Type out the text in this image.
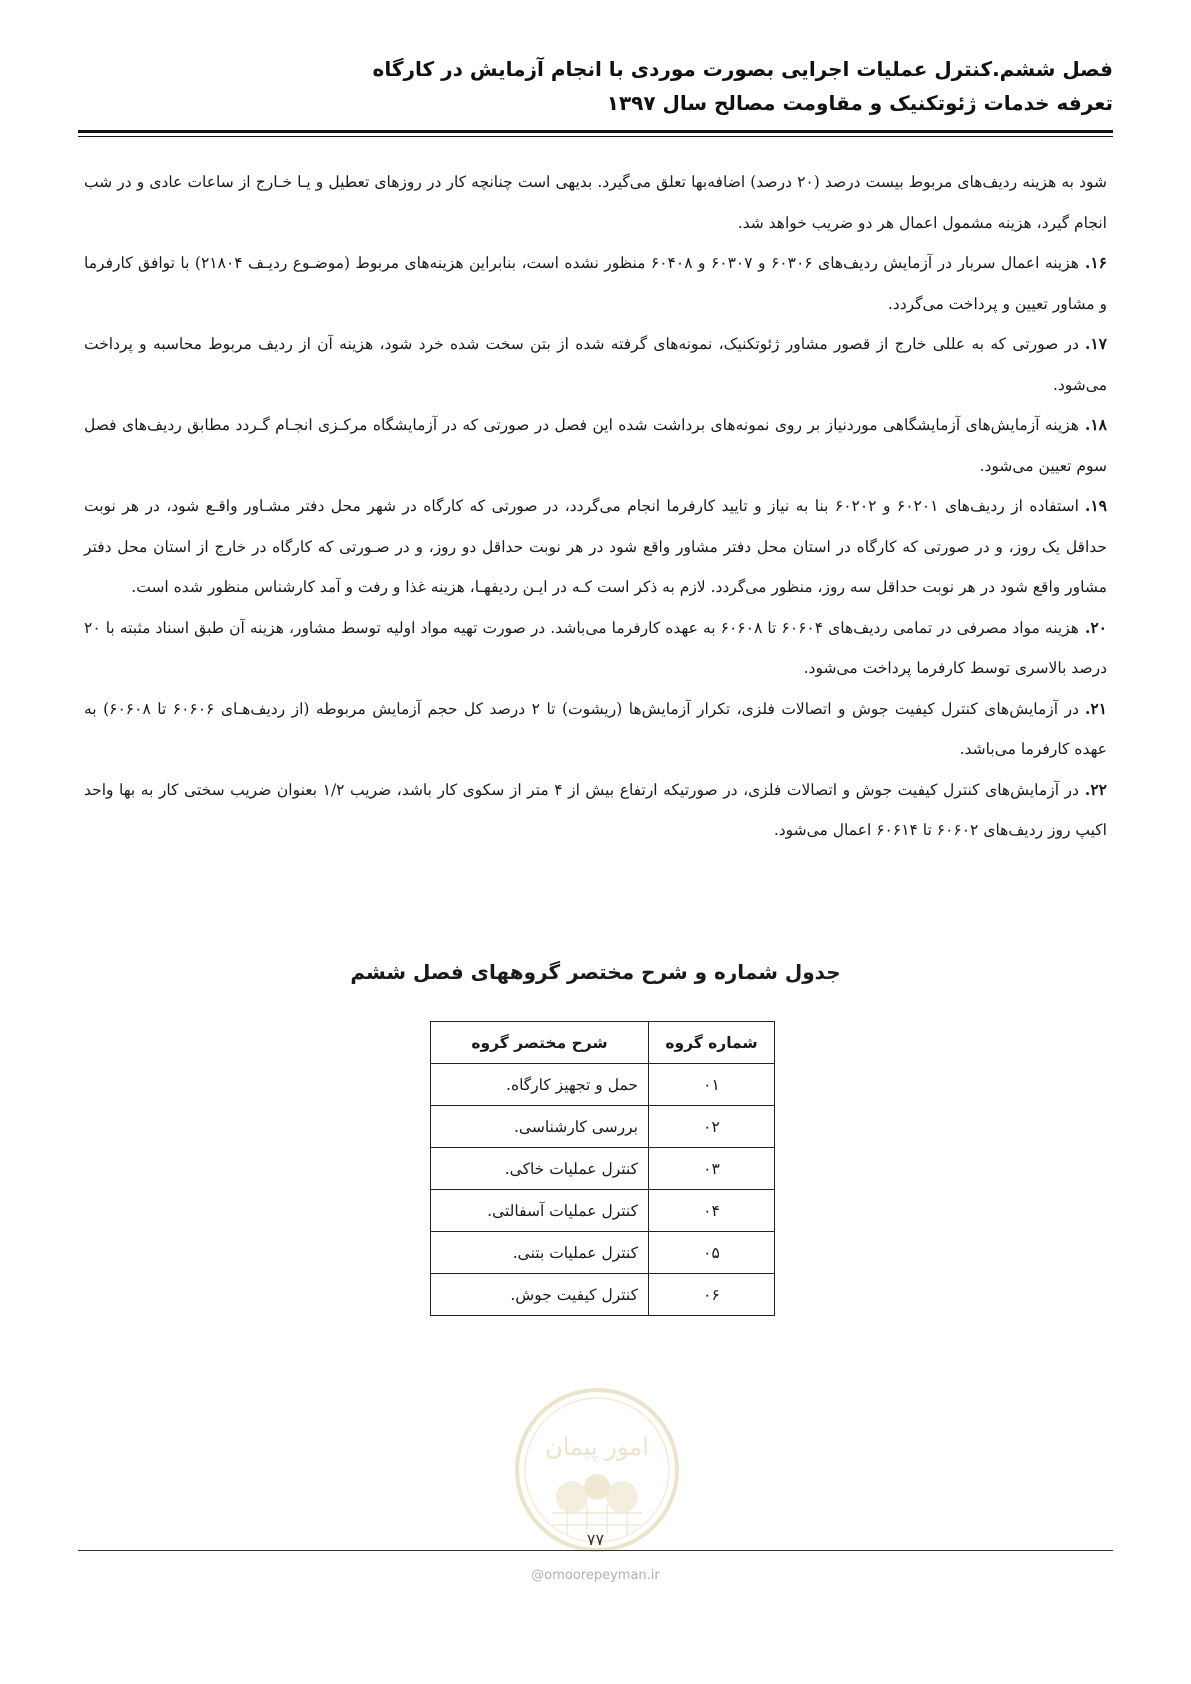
فصل ششم.کنترل عملیات اجرایی بصورت موردی با انجام آزمایش در کارگاه
تعرفه خدمات ژئوتکنیک و مقاومت مصالح سال ۱۳۹۷

شود به هزینه ردیف‌های مربوط بیست درصد (۲۰ درصد) اضافه‌بها تعلق می‌گیرد. بدیهی است چنانچه کار در روزهای تعطیل و یـا خـارج از ساعات عادی و در شب انجام گیرد، هزینه مشمول اعمال هر دو ضریب خواهد شد.

۱۶.هزینه اعمال سربار در آزمایش ردیف‌های ۶۰۳۰۶ و ۶۰۳۰۷ و ۶۰۴۰۸ منظور نشده است، بنابراین هزینه‌های مربوط (موضـوع ردیـف ۲۱۸۰۴) با توافق کارفرما و مشاور تعیین و پرداخت می‌گردد.

۱۷.در صورتی که به عللی خارج از قصور مشاور ژئوتکنیک، نمونه‌های گرفته شده از بتن سخت شده خرد شود، هزینه آن از ردیف مربوط محاسبه و پرداخت می‌شود.

۱۸.هزینه آزمایش‌های آزمایشگاهی موردنیاز بر روی نمونه‌های برداشت شده این فصل در صورتی که در آزمایشگاه مرکـزی انجـام گـردد مطابق ردیف‌های فصل سوم تعیین می‌شود.

۱۹.استفاده از ردیف‌های ۶۰۲۰۱ و ۶۰۲۰۲ بنا به نیاز و تایید کارفرما انجام می‌گردد، در صورتی که کارگاه در شهر محل دفتر مشـاور واقـع شود، در هر نوبت حداقل یک روز، و در صورتی که کارگاه در استان محل دفتر مشاور واقع شود در هر نوبت حداقل دو روز، و در صـورتی که کارگاه در خارج از استان محل دفتر مشاور واقع شود در هر نوبت حداقل سه روز، منظور می‌گردد. لازم به ذکر است کـه در ایـن ردیفهـا، هزینه غذا و رفت و آمد کارشناس منظور شده است.

۲۰.هزینه مواد مصرفی در تمامی ردیف‌های ۶۰۶۰۴ تا ۶۰۶۰۸ به عهده کارفرما می‌باشد. در صورت تهیه مواد اولیه توسط مشاور، هزینه آن طبق اسناد مثبته با ۲۰ درصد بالاسری توسط کارفرما پرداخت می‌شود.

۲۱.در آزمایش‌های کنترل کیفیت جوش و اتصالات فلزی، تکرار آزمایش‌ها (ریشوت) تا ۲ درصد کل حجم آزمایش مربوطه (از ردیف‌هـای ۶۰۶۰۶ تا ۶۰۶۰۸) به عهده کارفرما می‌باشد.

۲۲.در آزمایش‌های کنترل کیفیت جوش و اتصالات فلزی، در صورتیکه ارتفاع بیش از ۴ متر از سکوی کار باشد، ضریب ۱/۲ بعنوان ضریب سختی کار به بها واحد اکیپ روز ردیف‌های ۶۰۶۰۲ تا ۶۰۶۱۴ اعمال می‌شود.

جدول شماره و شرح مختصر گروههای فصل ششم
شماره گروه	شرح مختصر گروه
۰۱	حمل و تجهیز کارگاه.
۰۲	بررسی کارشناسی.
۰۳	کنترل عملیات خاکی.
۰۴	کنترل عملیات آسفالتی.
۰۵	کنترل عملیات بتنی.
۰۶	کنترل کیفیت جوش.
امور پیمان
۷۷
@omoorepeyman.ir
